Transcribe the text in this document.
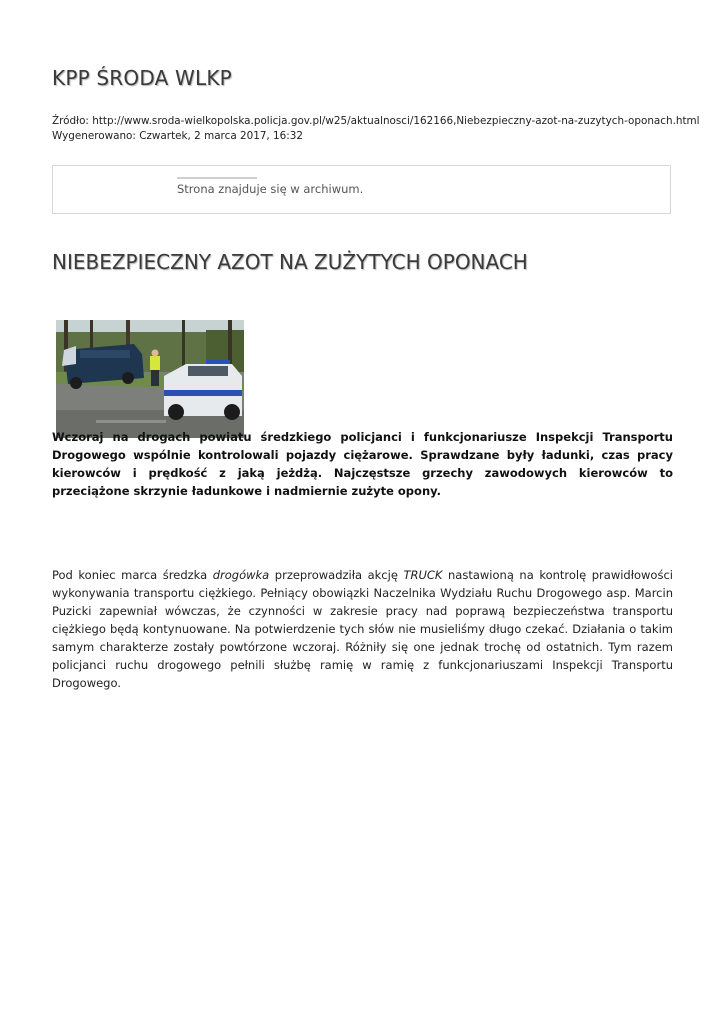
KPP ŚRODA WLKP
Źródło: http://www.sroda-wielkopolska.policja.gov.pl/w25/aktualnosci/162166,Niebezpieczny-azot-na-zuzytych-oponach.html
Wygenerowano: Czwartek, 2 marca 2017, 16:32
Strona znajduje się w archiwum.
NIEBEZPIECZNY AZOT NA ZUŻYTYCH OPONACH
Wczoraj na drogach powiatu średzkiego policjanci i funkcjonariusze Inspekcji Transportu Drogowego wspólnie kontrolowali pojazdy ciężarowe. Sprawdzane były ładunki, czas pracy kierowców i prędkość z jaką jeżdżą. Najczęstsze grzechy zawodowych kierowców to przeciążone skrzynie ładunkowe i nadmiernie zużyte opony.
Pod koniec marca średzka drogówka przeprowadziła akcję TRUCK nastawioną na kontrolę prawidłowości wykonywania transportu ciężkiego. Pełniący obowiązki Naczelnika Wydziału Ruchu Drogowego asp. Marcin Puzicki zapewniał wówczas, że czynności w zakresie pracy nad poprawą bezpieczeństwa transportu ciężkiego będą kontynuowane. Na potwierdzenie tych słów nie musieliśmy długo czekać. Działania o takim samym charakterze zostały powtórzone wczoraj. Różniły się one jednak trochę od ostatnich. Tym razem policjanci ruchu drogowego pełnili służbę ramię w ramię z funkcjonariuszami Inspekcji Transportu Drogowego.
